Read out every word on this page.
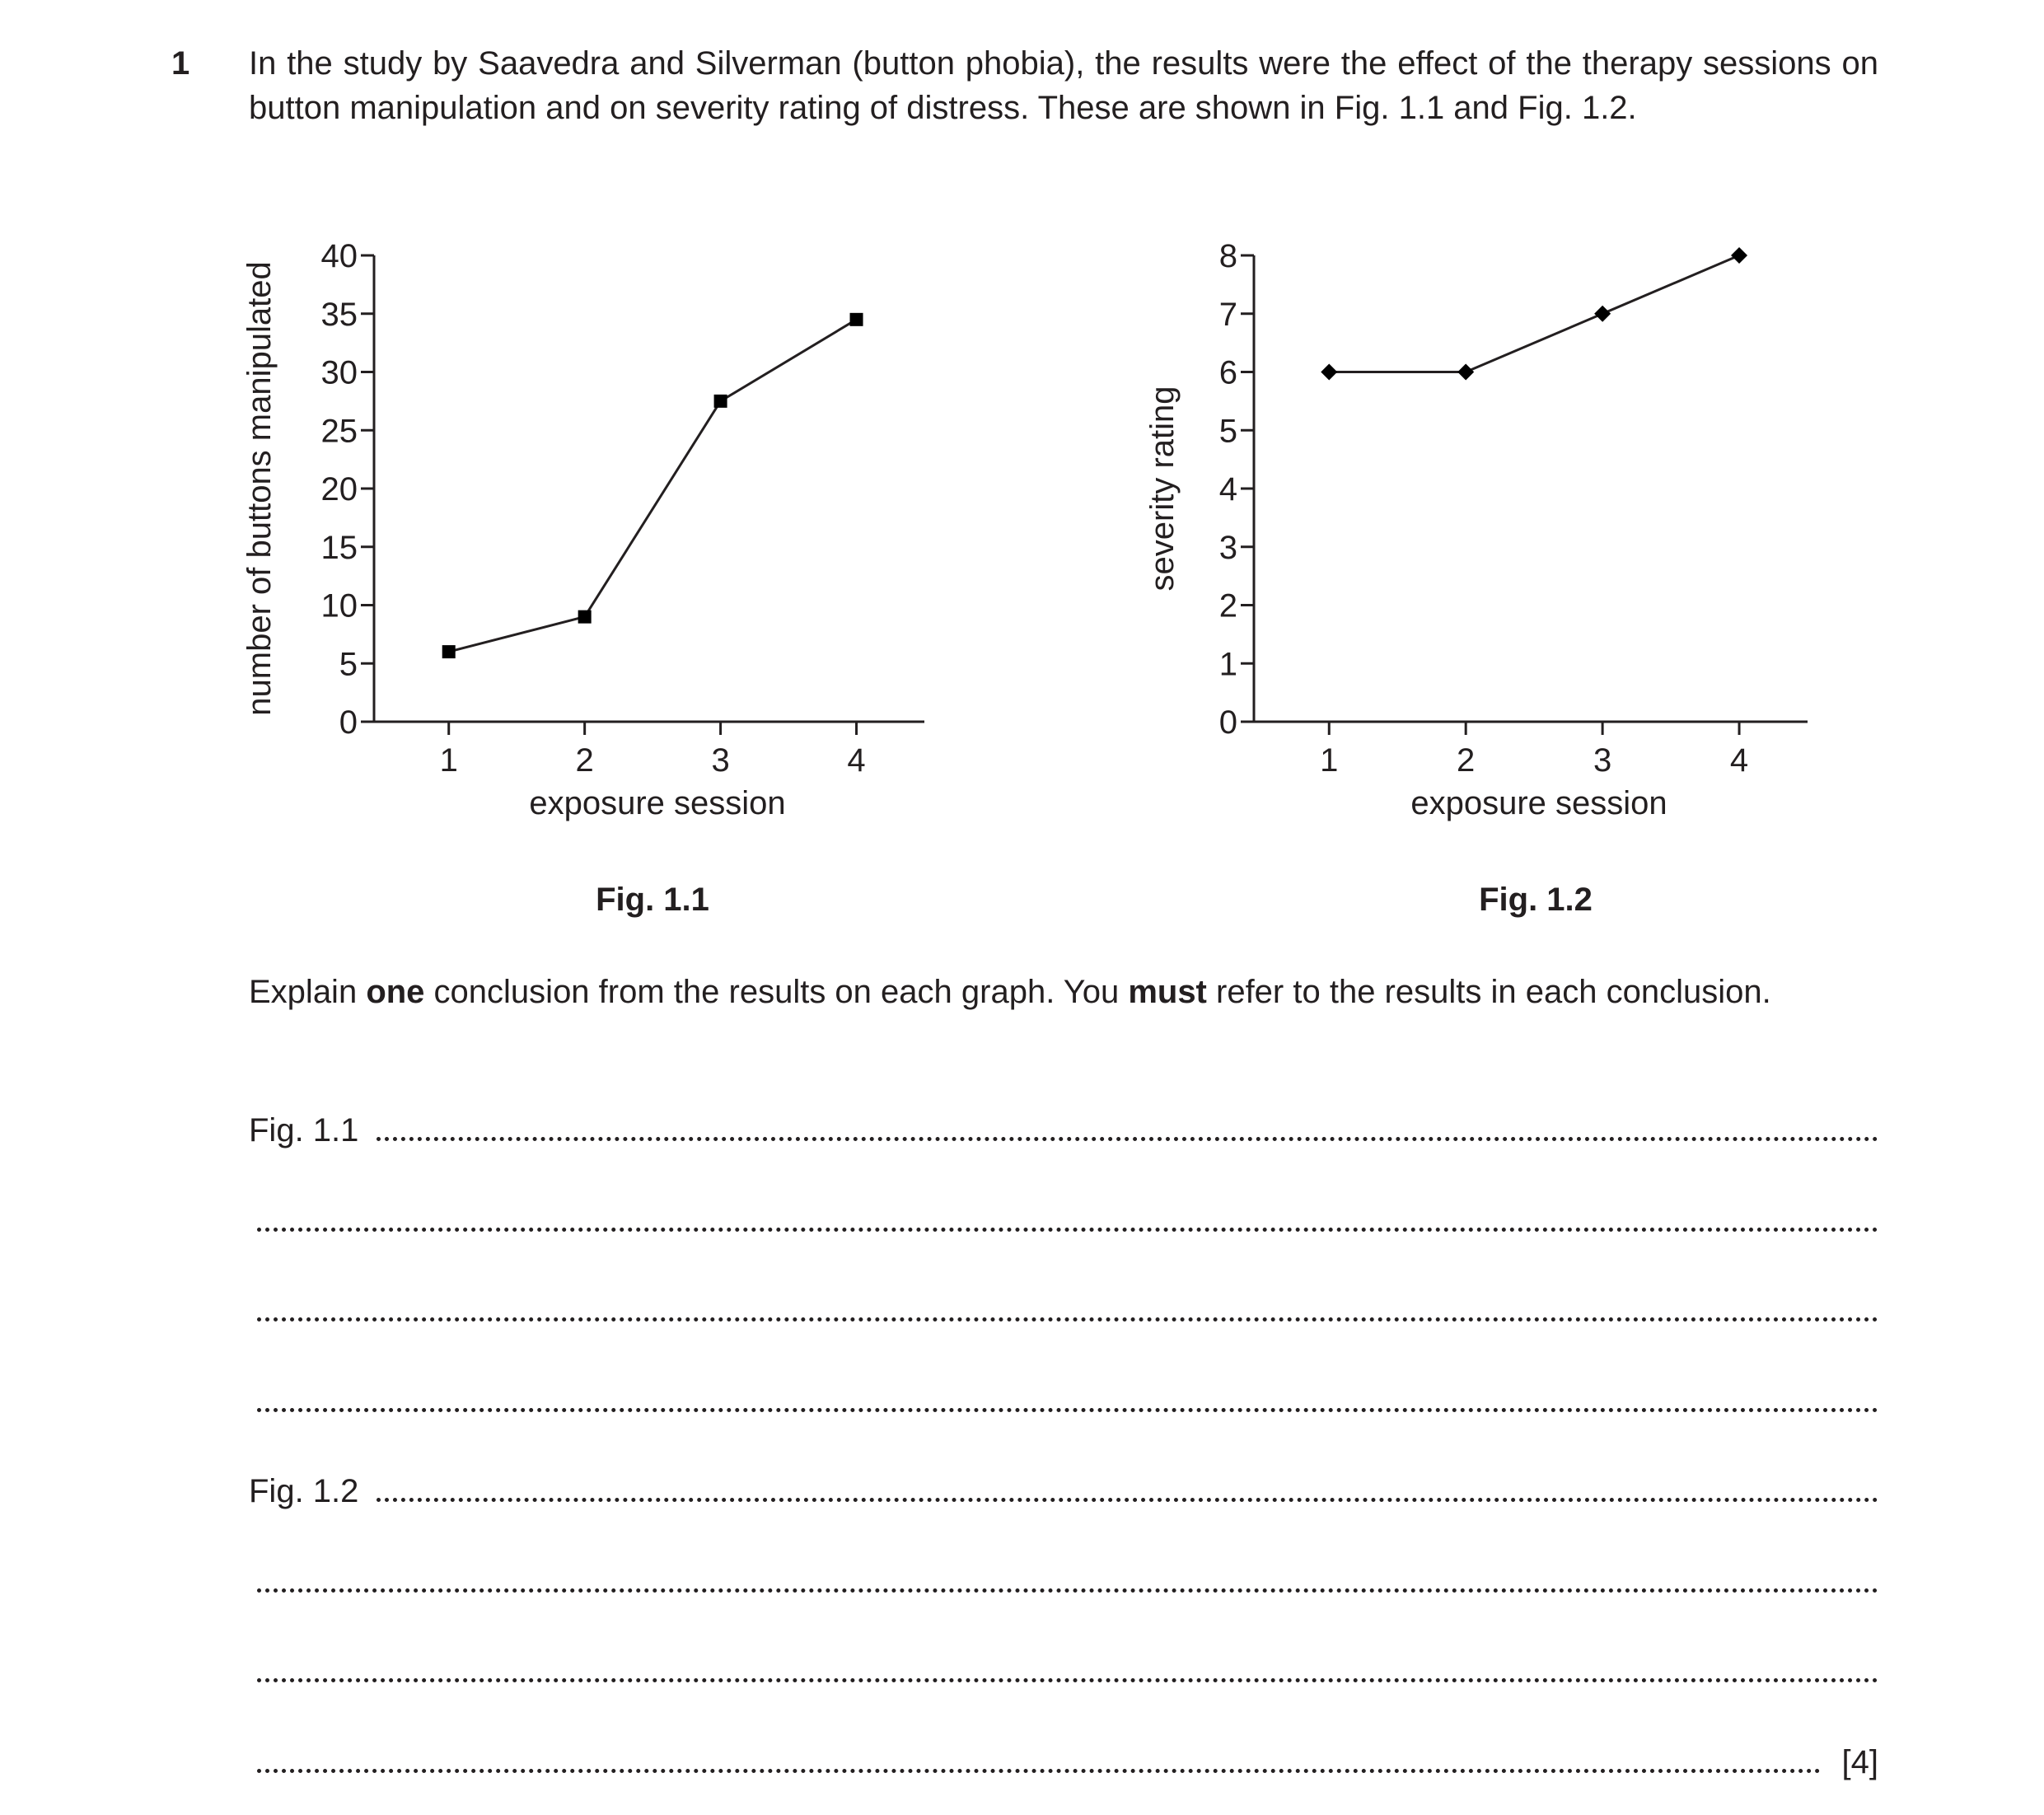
1 In the study by Saavedra and Silverman (button phobia), the results were the effect of the therapy sessions on button manipulation and on severity rating of distress. These are shown in Fig. 1.1 and Fig. 1.2.
0
5
10
15
20
25
30
35
40
1	2	3	4
exposure session
number of buttons manipulated
0
1
2
3
4
5
6
7
8
1	2	3	4
exposure session
severity rating
Fig. 1.1	Fig. 1.2
Explain one conclusion from the results on each graph. You must refer to the results in each conclusion.
Fig. 1.1
Fig. 1.2
[4]
